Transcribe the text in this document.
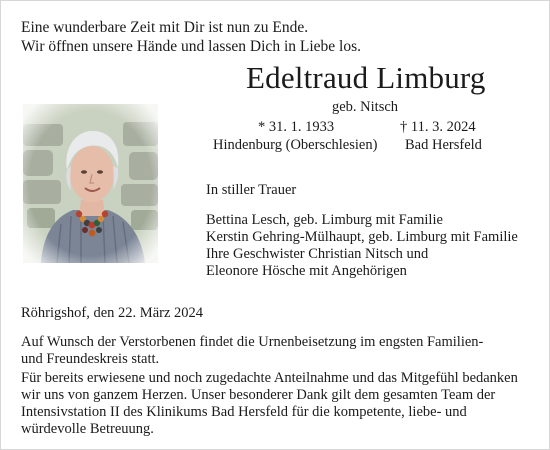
Eine wunderbare Zeit mit Dir ist nun zu Ende.
Wir öffnen unsere Hände und lassen Dich in Liebe los.
Edeltraud Limburg
geb. Nitsch
* 31. 1. 1933	† 11. 3. 2024
Hindenburg (Oberschlesien) Bad Hersfeld
In stiller Trauer
Bettina Lesch, geb. Limburg mit Familie
Kerstin Gehring-Mülhaupt, geb. Limburg mit Familie
Ihre Geschwister Christian Nitsch und
Eleonore Hösche mit Angehörigen
Röhrigshof, den 22. März 2024
Auf Wunsch der Verstorbenen findet die Urnenbeisetzung im engsten Familien-
und Freundeskreis statt.
Für bereits erwiesene und noch zugedachte Anteilnahme und das Mitgefühl bedanken
wir uns von ganzem Herzen. Unser besonderer Dank gilt dem gesamten Team der
Intensivstation II des Klinikums Bad Hersfeld für die kompetente, liebe- und
würdevolle Betreuung.
